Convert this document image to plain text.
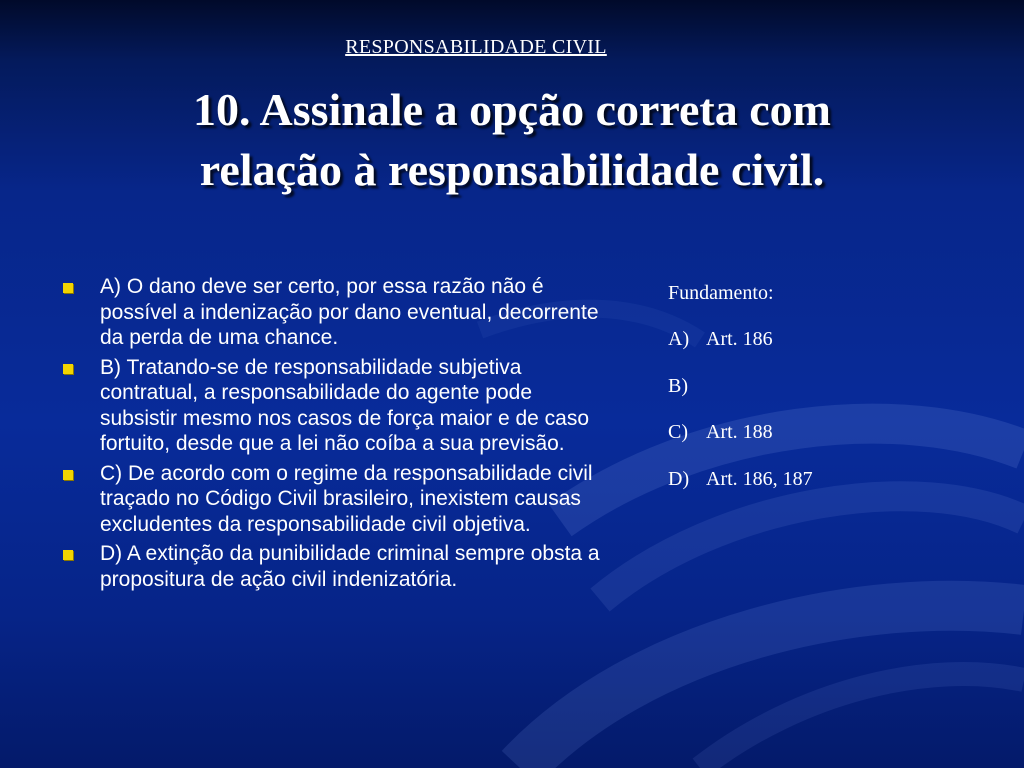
RESPONSABILIDADE CIVIL
10. Assinale a opção correta com
relação à responsabilidade civil.
A) O dano deve ser certo, por essa razão não é possível a indenização por dano eventual, decorrente da perda de uma chance.
B) Tratando-se de responsabilidade subjetiva contratual, a responsabilidade do agente pode subsistir mesmo nos casos de força maior e de caso fortuito, desde que a lei não coíba a sua previsão.
C) De acordo com o regime da responsabilidade civil traçado no Código Civil brasileiro, inexistem causas excludentes da responsabilidade civil objetiva.
D) A extinção da punibilidade criminal sempre obsta a propositura de ação civil indenizatória.
Fundamento:
A) Art. 186
B)
C) Art. 188
D) Art. 186, 187
